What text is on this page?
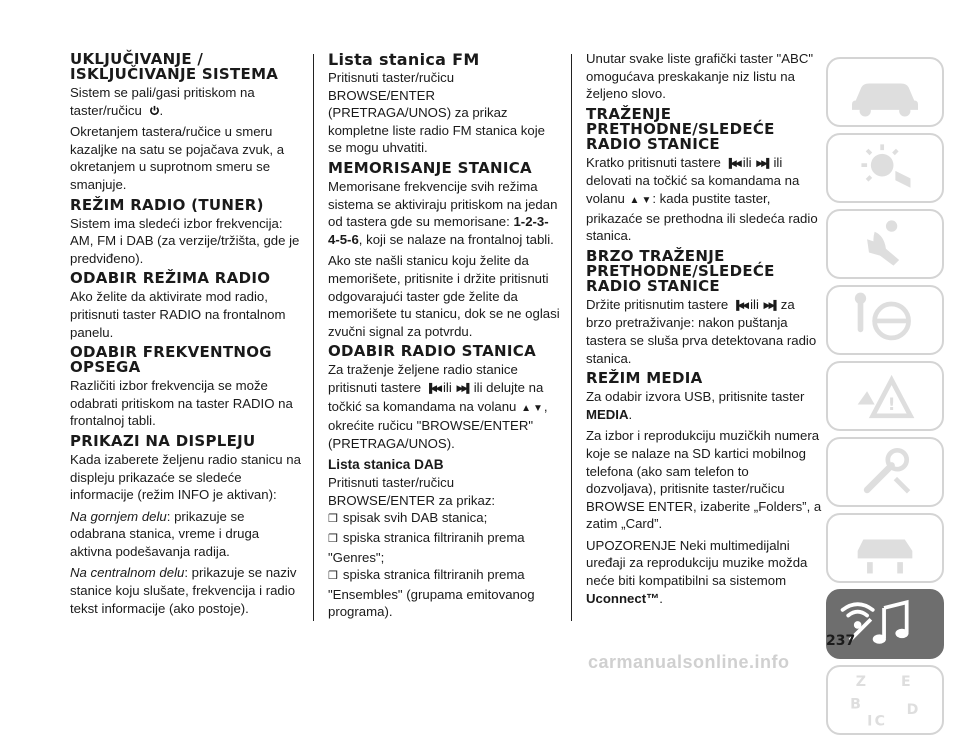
UKLJUČIVANJE / ISKLJUČIVANJE SISTEMA

Sistem se pali/gasi pritiskom na taster/ručicu .

Okretanjem tastera/ručice u smeru kazaljke na satu se pojačava zvuk, a okretanjem u suprotnom smeru se smanjuje.

REŽIM RADIO (TUNER)

Sistem ima sledeći izbor frekvencija: AM, FM i DAB (za verzije/tržišta, gde je predviđeno).

ODABIR REŽIMA RADIO

Ako želite da aktivirate mod radio, pritisnuti taster RADIO na frontalnom panelu.

ODABIR FREKVENTNOG OPSEGA

Različiti izbor frekvencija se može odabrati pritiskom na taster RADIO na frontalnoj tabli.

PRIKAZI NA DISPLEJU

Kada izaberete željenu radio stanicu na displeju prikazaće se sledeće informacije (režim INFO je aktivan):

Na gornjem delu: prikazuje se odabrana stanica, vreme i druga aktivna podešavanja radija.

Na centralnom delu: prikazuje se naziv stanice koju slušate, frekvencija i radio tekst informacije (ako postoje).

Lista stanica FM

Pritisnuti taster/ručicu BROWSE/ENTER (PRETRAGA/UNOS) za prikaz kompletne liste radio FM stanica koje se mogu uhvatiti.

MEMORISANJE STANICA

Memorisane frekvencije svih režima sistema se aktiviraju pritiskom na jedan od tastera gde su memorisane: 1-2-3-4-5-6, koji se nalaze na frontalnoj tabli.

Ako ste našli stanicu koju želite da memorišete, pritisnite i držite pritisnuti odgovarajući taster gde želite da memorišete tu stanicu, dok se ne oglasi zvučni signal za potvrdu.

ODABIR RADIO STANICA

Za traženje željene radio stanice pritisnuti tastere ▐◀◀ ili ▶▶▌ ili delujte na točkić sa komandama na volanu ▲ ▼, okrećite ručicu "BROWSE/ENTER" (PRETRAGA/UNOS).

Lista stanica DAB

Pritisnuti taster/ručicu BROWSE/ENTER za prikaz:

❒ spisak svih DAB stanica;
❒ spiska stranica filtriranih prema "Genres";
❒ spiska stranica filtriranih prema "Ensembles" (grupama emitovanog programa).

Unutar svake liste grafički taster "ABC" omogućava preskakanje niz listu na željeno slovo.

TRAŽENJE PRETHODNE/SLEDEĆE RADIO STANICE

Kratko pritisnuti tastere ▐◀◀ ili ▶▶▌ ili delovati na točkić sa komandama na volanu ▲ ▼: kada pustite taster, prikazaće se prethodna ili sledeća radio stanica.

BRZO TRAŽENJE PRETHODNE/SLEDEĆE RADIO STANICE

Držite pritisnutim tastere ▐◀◀ ili ▶▶▌ za brzo pretraživanje: nakon puštanja tastera se sluša prva detektovana radio stanica.

REŽIM MEDIA

Za odabir izvora USB, pritisnite taster MEDIA.

Za izbor i reprodukciju muzičkih numera koje se nalaze na SD kartici mobilnog telefona (ako sam telefon to dozvoljava), pritisnite taster/ručicu BROWSE ENTER, izaberite „Folders”, a zatim „Card”.

UPOZORENJE Neki multimedijalni uređaji za reprodukciju muzike možda neće biti kompatibilni sa sistemom Uconnect™.

!
Z E
B
C
D
I
237
carmanualsonline.info
